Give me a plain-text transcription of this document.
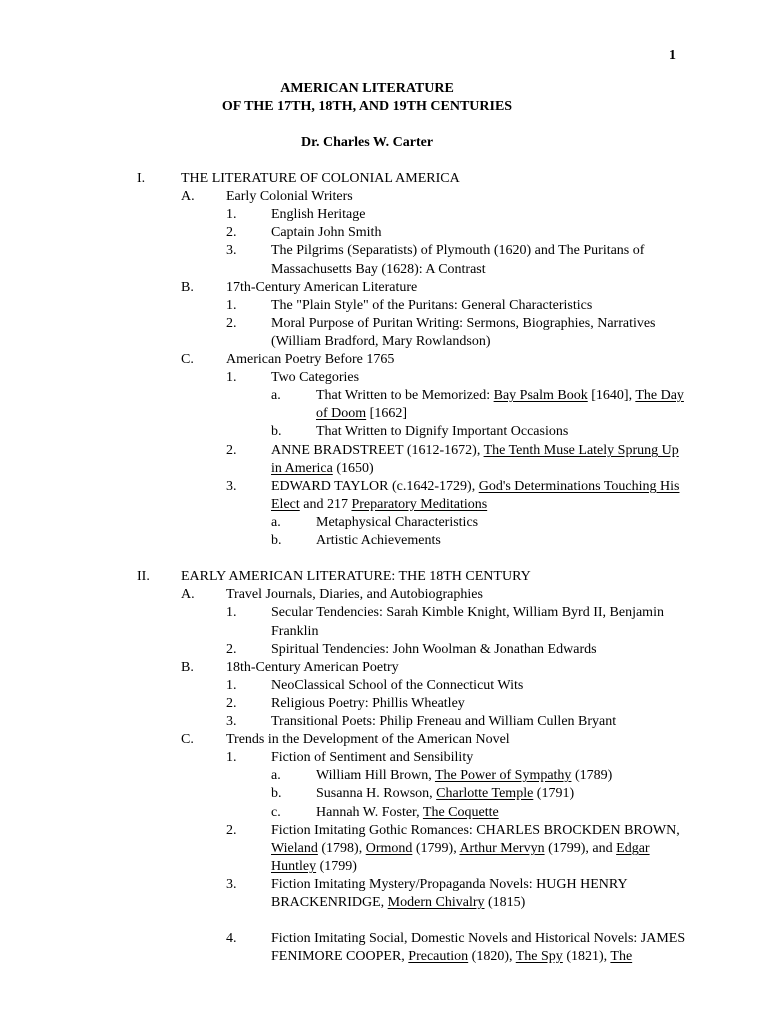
1
AMERICAN LITERATURE
OF THE 17TH, 18TH, AND 19TH CENTURIES
Dr. Charles W. Carter
I.	THE LITERATURE OF COLONIAL AMERICA
A. Early Colonial Writers
1. English Heritage
2. Captain John Smith
3. The Pilgrims (Separatists) of Plymouth (1620) and The Puritans of
Massachusetts Bay (1628): A Contrast
B. 17th-Century American Literature
1. The "Plain Style" of the Puritans: General Characteristics
2. Moral Purpose of Puritan Writing: Sermons, Biographies, Narratives
(William Bradford, Mary Rowlandson)
C. American Poetry Before 1765
1. Two Categories
a.	That Written to be Memorized: Bay Psalm Book [1640], The Day
of Doom [1662]
b. That Written to Dignify Important Occasions
2. ANNE BRADSTREET (1612-1672), The Tenth Muse Lately Sprung Up
in America (1650)
3. EDWARD TAYLOR (c.1642-1729), God's Determinations Touching His
Elect and 217 Preparatory Meditations
a.	Metaphysical Characteristics
b. Artistic Achievements
II. EARLY AMERICAN LITERATURE: THE 18TH CENTURY
A. Travel Journals, Diaries, and Autobiographies
1. Secular Tendencies: Sarah Kimble Knight, William Byrd II, Benjamin
Franklin
2. Spiritual Tendencies: John Woolman & Jonathan Edwards
B. 18th-Century American Poetry
1. NeoClassical School of the Connecticut Wits
2. Religious Poetry: Phillis Wheatley
3. Transitional Poets: Philip Freneau and William Cullen Bryant
C. Trends in the Development of the American Novel
1. Fiction of Sentiment and Sensibility
a.	William Hill Brown, The Power of Sympathy (1789)
b. Susanna H. Rowson, Charlotte Temple (1791)
c.	Hannah W. Foster, The Coquette
2. Fiction Imitating Gothic Romances: CHARLES BROCKDEN BROWN,
Wieland (1798), Ormond (1799), Arthur Mervyn (1799), and Edgar
Huntley (1799)
3. Fiction Imitating Mystery/Propaganda Novels: HUGH HENRY
BRACKENRIDGE, Modern Chivalry (1815)
4. Fiction Imitating Social, Domestic Novels and Historical Novels: JAMES
FENIMORE COOPER, Precaution (1820), The Spy (1821), The
